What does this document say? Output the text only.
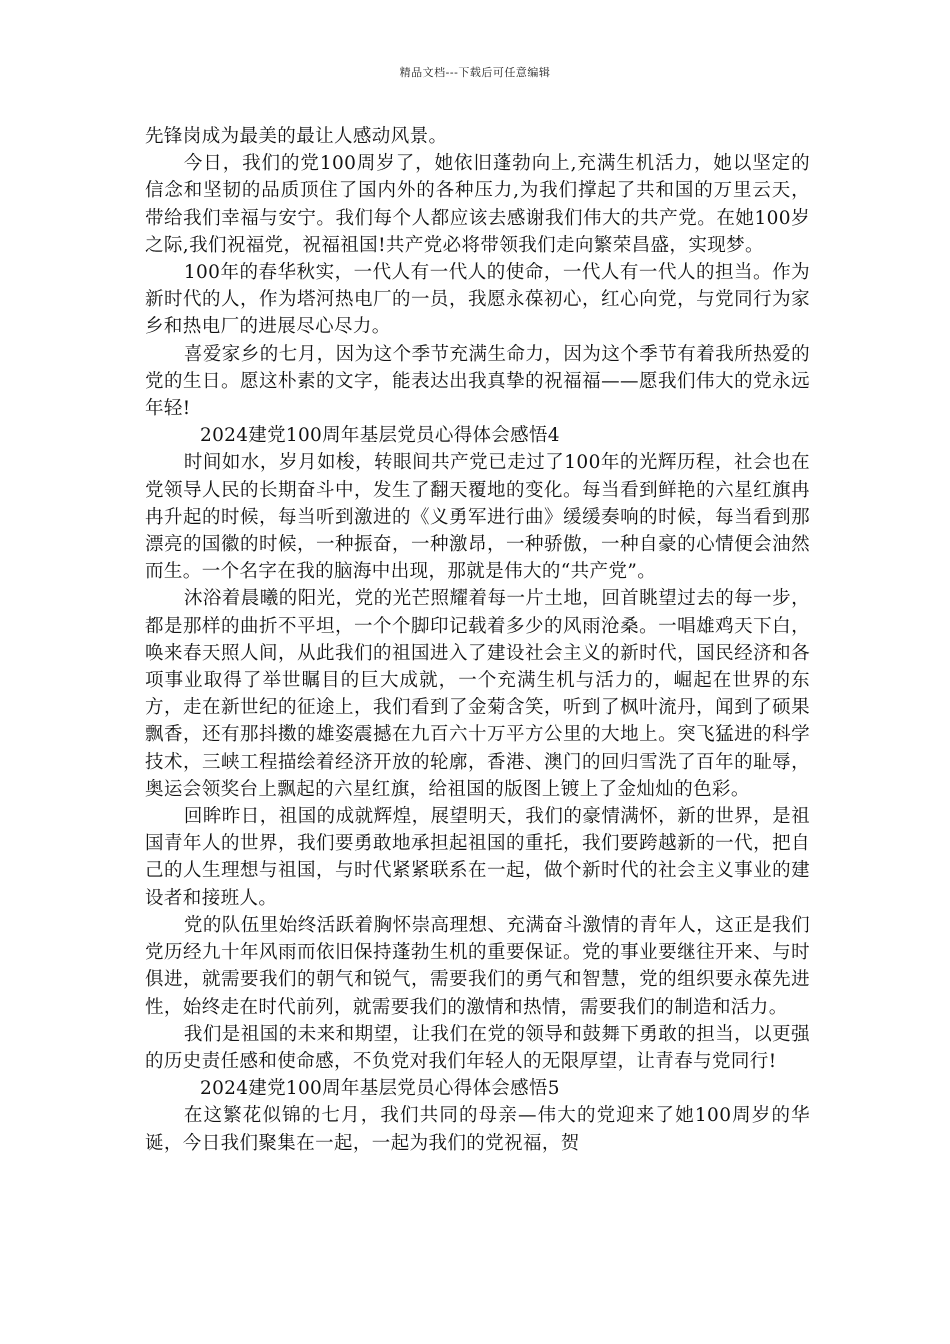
精品文档---下载后可任意编辑

先锋岗成为最美的最让人感动风景。

今日，我们的党100周岁了，她依旧蓬勃向上,充满生机活力，她以坚定的信念和坚韧的品质顶住了国内外的各种压力,为我们撑起了共和国的万里云天，带给我们幸福与安宁。我们每个人都应该去感谢我们伟大的共产党。在她100岁之际,我们祝福党，祝福祖国!共产党必将带领我们走向繁荣昌盛，实现梦。

100年的春华秋实，一代人有一代人的使命，一代人有一代人的担当。作为新时代的人，作为塔河热电厂的一员，我愿永葆初心，红心向党，与党同行为家乡和热电厂的进展尽心尽力。

喜爱家乡的七月，因为这个季节充满生命力，因为这个季节有着我所热爱的党的生日。愿这朴素的文字，能表达出我真挚的祝福福——愿我们伟大的党永远年轻!

2024建党100周年基层党员心得体会感悟4

时间如水，岁月如梭，转眼间共产党已走过了100年的光辉历程，社会也在党领导人民的长期奋斗中，发生了翻天覆地的变化。每当看到鲜艳的六星红旗冉冉升起的时候，每当听到激进的《义勇军进行曲》缓缓奏响的时候，每当看到那漂亮的国徽的时候，一种振奋，一种激昂，一种骄傲，一种自豪的心情便会油然而生。一个名字在我的脑海中出现，那就是伟大的“共产党”。

沐浴着晨曦的阳光，党的光芒照耀着每一片土地，回首眺望过去的每一步，都是那样的曲折不平坦，一个个脚印记载着多少的风雨沧桑。一唱雄鸡天下白，唤来春天照人间，从此我们的祖国进入了建设社会主义的新时代，国民经济和各项事业取得了举世瞩目的巨大成就，一个充满生机与活力的，崛起在世界的东方，走在新世纪的征途上，我们看到了金菊含笑，听到了枫叶流丹，闻到了硕果飘香，还有那抖擞的雄姿震撼在九百六十万平方公里的大地上。突飞猛进的科学技术，三峡工程描绘着经济开放的轮廓，香港、澳门的回归雪洗了百年的耻辱，奥运会领奖台上飘起的六星红旗，给祖国的版图上镀上了金灿灿的色彩。

回眸昨日，祖国的成就辉煌，展望明天，我们的豪情满怀，新的世界，是祖国青年人的世界，我们要勇敢地承担起祖国的重托，我们要跨越新的一代，把自己的人生理想与祖国，与时代紧紧联系在一起，做个新时代的社会主义事业的建设者和接班人。

党的队伍里始终活跃着胸怀崇高理想、充满奋斗激情的青年人，这正是我们党历经九十年风雨而依旧保持蓬勃生机的重要保证。党的事业要继往开来、与时俱进，就需要我们的朝气和锐气，需要我们的勇气和智慧，党的组织要永葆先进性，始终走在时代前列，就需要我们的激情和热情，需要我们的制造和活力。

我们是祖国的未来和期望，让我们在党的领导和鼓舞下勇敢的担当，以更强的历史责任感和使命感，不负党对我们年轻人的无限厚望，让青春与党同行!

2024建党100周年基层党员心得体会感悟5

在这繁花似锦的七月，我们共同的母亲—伟大的党迎来了她100周岁的华诞，今日我们聚集在一起，一起为我们的党祝福，贺
